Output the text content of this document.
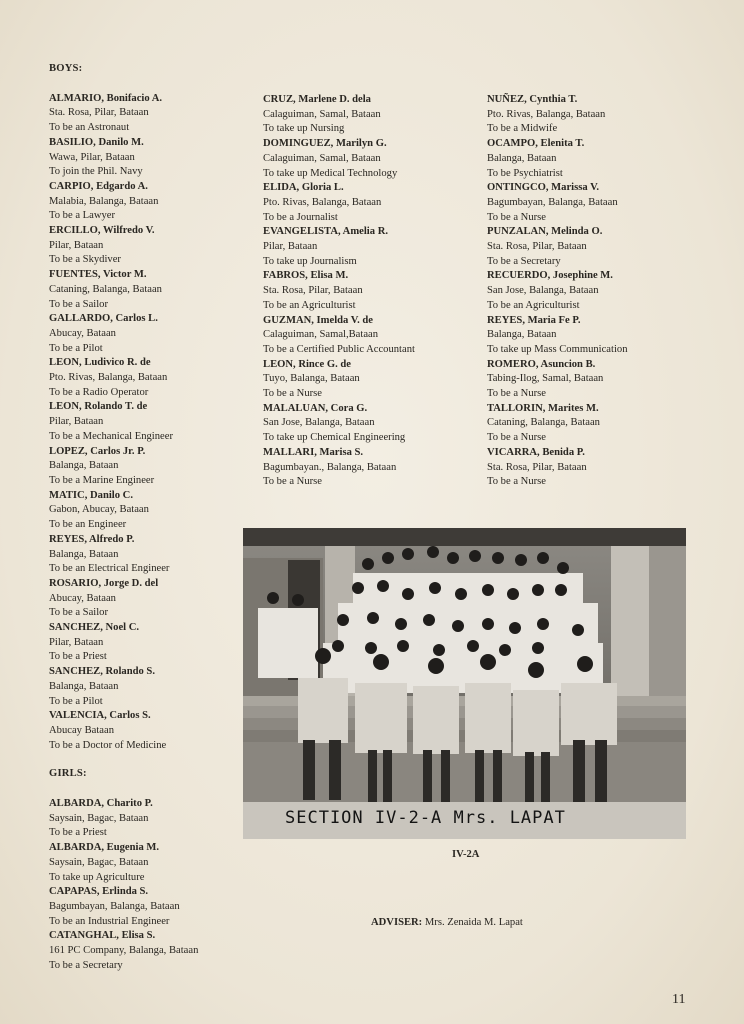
BOYS:
ALMARIO, Bonifacio A.
Sta. Rosa, Pilar, Bataan
To be an Astronaut
BASILIO, Danilo M.
Wawa, Pilar, Bataan
To join the Phil. Navy
CARPIO, Edgardo A.
Malabia, Balanga, Bataan
To be a Lawyer
ERCILLO, Wilfredo V.
Pilar, Bataan
To be a Skydiver
FUENTES, Victor M.
Cataning, Balanga, Bataan
To be a Sailor
GALLARDO, Carlos L.
Abucay, Bataan
To be a Pilot
LEON, Ludivico R. de
Pto. Rivas, Balanga, Bataan
To be a Radio Operator
LEON, Rolando T. de
Pilar, Bataan
To be a Mechanical Engineer
LOPEZ, Carlos Jr. P.
Balanga, Bataan
To be a Marine Engineer
MATIC, Danilo C.
Gabon, Abucay, Bataan
To be an Engineer
REYES, Alfredo P.
Balanga, Bataan
To be an Electrical Engineer
ROSARIO, Jorge D. del
Abucay, Bataan
To be a Sailor
SANCHEZ, Noel C.
Pilar, Bataan
To be a Priest
SANCHEZ, Rolando S.
Balanga, Bataan
To be a Pilot
VALENCIA, Carlos S.
Abucay Bataan
To be a Doctor of Medicine
GIRLS:
ALBARDA, Charito P.
Saysain, Bagac, Bataan
To be a Priest
ALBARDA, Eugenia M.
Saysain, Bagac, Bataan
To take up Agriculture
CAPAPAS, Erlinda S.
Bagumbayan, Balanga, Bataan
To be an Industrial Engineer
CATANGHAL, Elisa S.
161 PC Company, Balanga, Bataan
To be a Secretary
CRUZ, Marlene D. dela
Calaguiman, Samal, Bataan
To take up Nursing
DOMINGUEZ, Marilyn G.
Calaguiman, Samal, Bataan
To take up Medical Technology
ELIDA, Gloria L.
Pto. Rivas, Balanga, Bataan
To be a Journalist
EVANGELISTA, Amelia R.
Pilar, Bataan
To take up Journalism
FABROS, Elisa M.
Sta. Rosa, Pilar, Bataan
To be an Agriculturist
GUZMAN, Imelda V. de
Calaguiman, Samal,Bataan
To be a Certified Public Accountant
LEON, Rince G. de
Tuyo, Balanga, Bataan
To be a Nurse
MALALUAN, Cora G.
San Jose, Balanga, Bataan
To take up Chemical Engineering
MALLARI, Marisa S.
Bagumbayan., Balanga, Bataan
To be a Nurse
NUÑEZ, Cynthia T.
Pto. Rivas, Balanga, Bataan
To be a Midwife
OCAMPO, Elenita T.
Balanga, Bataan
To be Psychiatrist
ONTINGCO, Marissa V.
Bagumbayan, Balanga, Bataan
To be a Nurse
PUNZALAN, Melinda O.
Sta. Rosa, Pilar, Bataan
To be a Secretary
RECUERDO, Josephine M.
San Jose, Balanga, Bataan
To be an Agriculturist
REYES, Maria Fe P.
Balanga, Bataan
To take up Mass Communication
ROMERO, Asuncion B.
Tabing-Ilog, Samal, Bataan
To be a Nurse
TALLORIN, Marites M.
Cataning, Balanga, Bataan
To be a Nurse
VICARRA, Benida P.
Sta. Rosa, Pilar, Bataan
To be a Nurse
SECTION IV-2-A Mrs. LAPAT
IV-2A
ADVISER: Mrs. Zenaida M. Lapat
11
